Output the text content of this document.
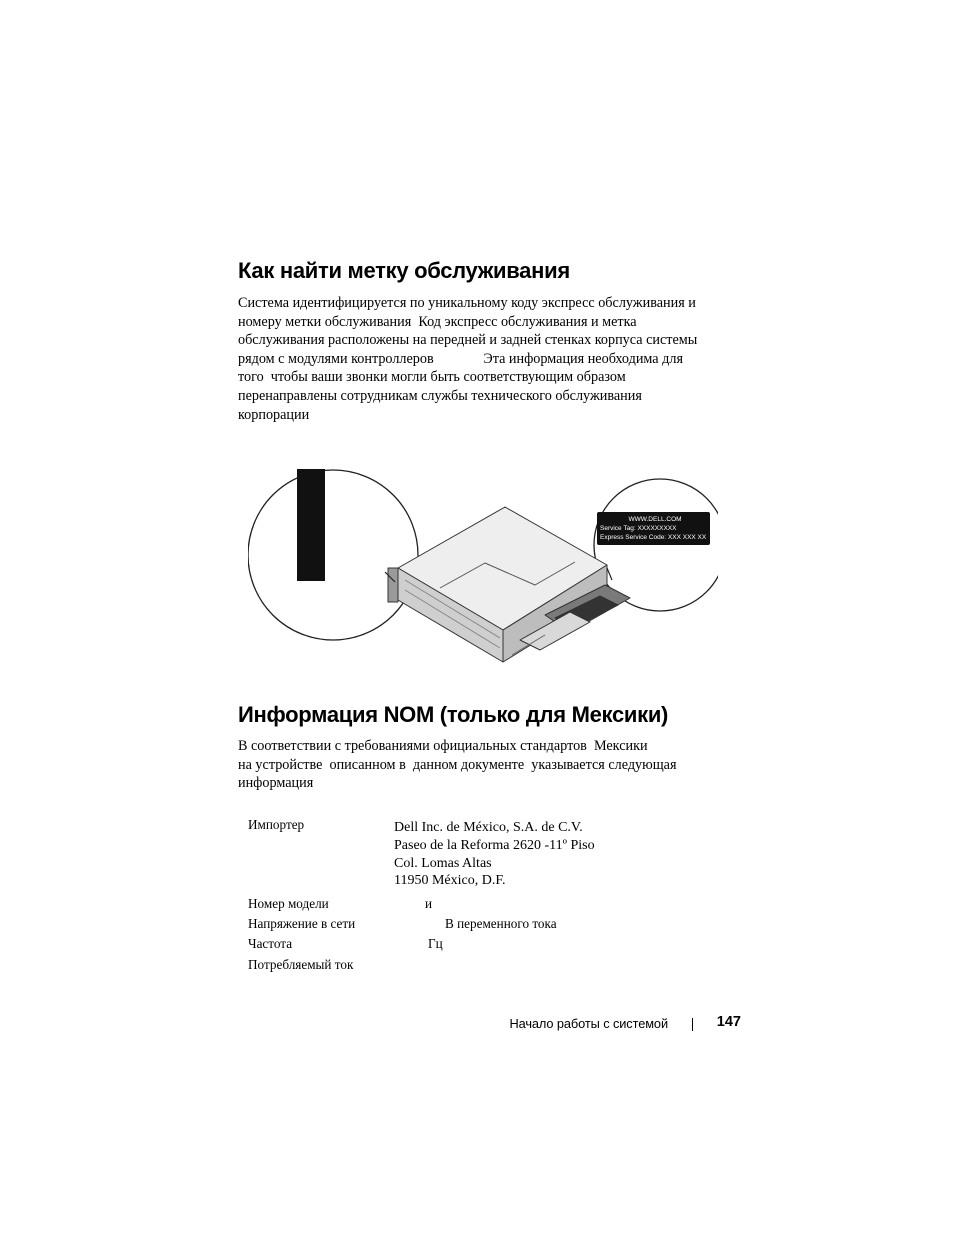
Как найти метку обслуживания

Система идентифицируется по уникальному коду экспресс обслуживания и
номеру метки обслуживания  Код экспресс обслуживания и метка
обслуживания расположены на передней и задней стенках корпуса системы
рядом с модулями контроллеров              Эта информация необходима для
того  чтобы ваши звонки могли быть соответствующим образом
перенаправлены сотрудникам службы технического обслуживания
корпорации

WWW.DELL.COM
Service Tag: XXXXXXXX
Express Service Code: XXX XXX XX	WWW.DELL.COM
Service Tag: XXXXXXXXX
Express Service Code: XXX XXX XX
Информация NOM (только для Мексики)

В соответствии с требованиями официальных стандартов  Мексики
на устройстве  описанном в  данном документе  указывается следующая
информация

Импортер	Dell Inc. de México, S.A. de C.V.
Paseo de la Reforma 2620 -11º Piso
Col. Lomas Altas
11950 México, D.F.
Номер модели	и
Напряжение в сети	В переменного тока
Частота	Гц
Потребляемый ток
Начало работы с системой	147
